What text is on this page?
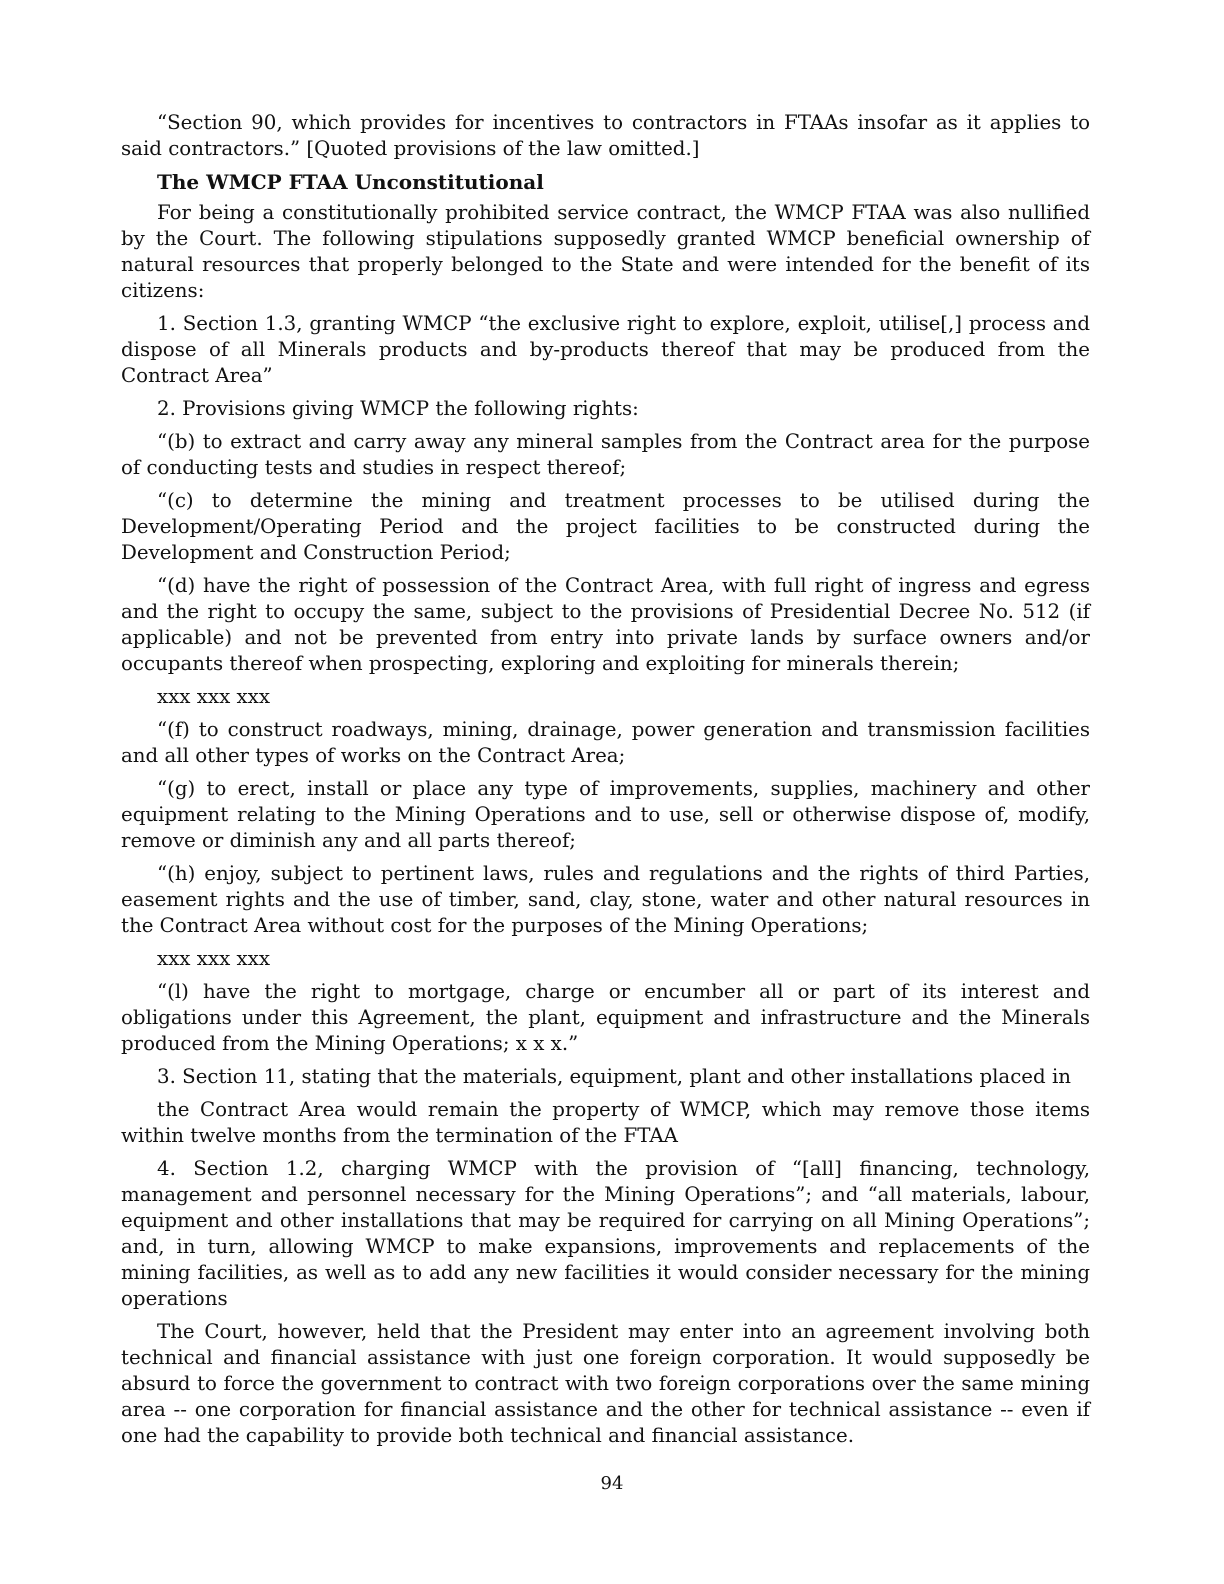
“Section 90, which provides for incentives to contractors in FTAAs insofar as it applies to said contractors.” [Quoted provisions of the law omitted.]

The WMCP FTAA Unconstitutional

For being a constitutionally prohibited service contract, the WMCP FTAA was also nullified by the Court. The following stipulations supposedly granted WMCP beneficial ownership of natural resources that properly belonged to the State and were intended for the benefit of its citizens:

1. Section 1.3, granting WMCP “the exclusive right to explore, exploit, utilise[,] process and dispose of all Minerals products and by-products thereof that may be produced from the Contract Area”

2. Provisions giving WMCP the following rights:

“(b) to extract and carry away any mineral samples from the Contract area for the purpose of conducting tests and studies in respect thereof;

“(c) to determine the mining and treatment processes to be utilised during the Development/Operating Period and the project facilities to be constructed during the Development and Construction Period;

“(d) have the right of possession of the Contract Area, with full right of ingress and egress and the right to occupy the same, subject to the provisions of Presidential Decree No. 512 (if applicable) and not be prevented from entry into private lands by surface owners and/or occupants thereof when prospecting, exploring and exploiting for minerals therein;

xxx xxx xxx

“(f) to construct roadways, mining, drainage, power generation and transmission facilities and all other types of works on the Contract Area;

“(g) to erect, install or place any type of improvements, supplies, machinery and other equipment relating to the Mining Operations and to use, sell or otherwise dispose of, modify, remove or diminish any and all parts thereof;

“(h) enjoy, subject to pertinent laws, rules and regulations and the rights of third Parties, easement rights and the use of timber, sand, clay, stone, water and other natural resources in the Contract Area without cost for the purposes of the Mining Operations;

xxx xxx xxx

“(l) have the right to mortgage, charge or encumber all or part of its interest and obligations under this Agreement, the plant, equipment and infrastructure and the Minerals produced from the Mining Operations; x x x.”

3. Section 11, stating that the materials, equipment, plant and other installations placed in

the Contract Area would remain the property of WMCP, which may remove those items within twelve months from the termination of the FTAA

4. Section 1.2, charging WMCP with the provision of “[all] financing, technology, management and personnel necessary for the Mining Operations”; and “all materials, labour, equipment and other installations that may be required for carrying on all Mining Operations”; and, in turn, allowing WMCP to make expansions, improvements and replacements of the mining facilities, as well as to add any new facilities it would consider necessary for the mining operations

The Court, however, held that the President may enter into an agreement involving both technical and financial assistance with just one foreign corporation. It would supposedly be absurd to force the government to contract with two foreign corporations over the same mining area -- one corporation for financial assistance and the other for technical assistance -- even if one had the capability to provide both technical and financial assistance.

94
